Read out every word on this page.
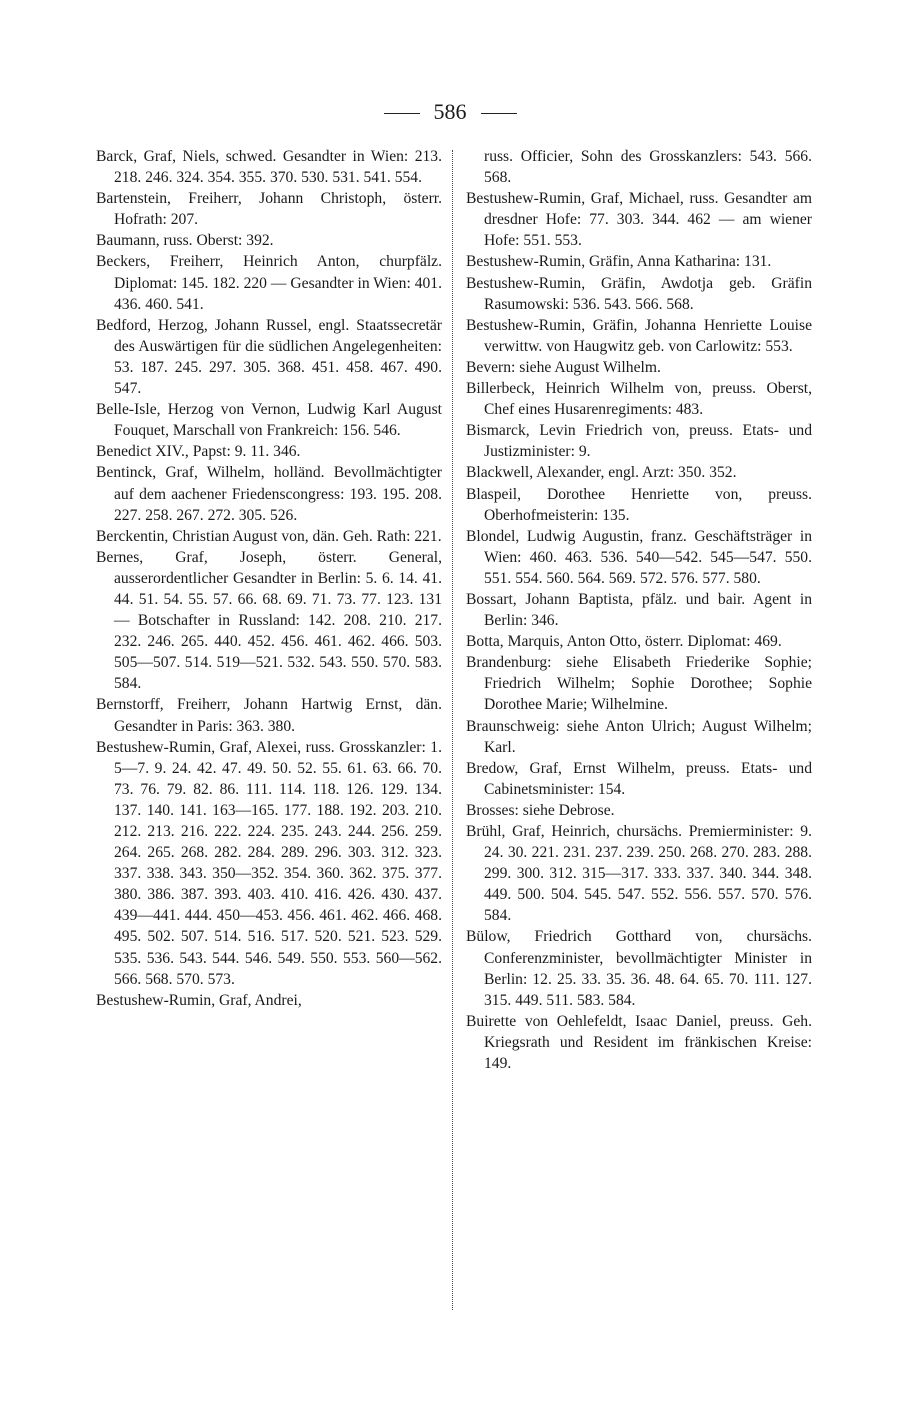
586

Barck, Graf, Niels, schwed. Gesandter in Wien: 213. 218. 246. 324. 354. 355. 370. 530. 531. 541. 554.

Bartenstein, Freiherr, Johann Christoph, österr. Hofrath: 207.

Baumann, russ. Oberst: 392.

Beckers, Freiherr, Heinrich Anton, churpfälz. Diplomat: 145. 182. 220 — Gesandter in Wien: 401. 436. 460. 541.

Bedford, Herzog, Johann Russel, engl. Staatssecretär des Auswärtigen für die südlichen Angelegenheiten: 53. 187. 245. 297. 305. 368. 451. 458. 467. 490. 547.

Belle-Isle, Herzog von Vernon, Ludwig Karl August Fouquet, Marschall von Frankreich: 156. 546.

Benedict XIV., Papst: 9. 11. 346.

Bentinck, Graf, Wilhelm, holländ. Bevollmächtigter auf dem aachener Friedenscongress: 193. 195. 208. 227. 258. 267. 272. 305. 526.

Berckentin, Christian August von, dän. Geh. Rath: 221.

Bernes, Graf, Joseph, österr. General, ausserordentlicher Gesandter in Berlin: 5. 6. 14. 41. 44. 51. 54. 55. 57. 66. 68. 69. 71. 73. 77. 123. 131 — Botschafter in Russland: 142. 208. 210. 217. 232. 246. 265. 440. 452. 456. 461. 462. 466. 503. 505—507. 514. 519—521. 532. 543. 550. 570. 583. 584.

Bernstorff, Freiherr, Johann Hartwig Ernst, dän. Gesandter in Paris: 363. 380.

Bestushew-Rumin, Graf, Alexei, russ. Grosskanzler: 1. 5—7. 9. 24. 42. 47. 49. 50. 52. 55. 61. 63. 66. 70. 73. 76. 79. 82. 86. 111. 114. 118. 126. 129. 134. 137. 140. 141. 163—165. 177. 188. 192. 203. 210. 212. 213. 216. 222. 224. 235. 243. 244. 256. 259. 264. 265. 268. 282. 284. 289. 296. 303. 312. 323. 337. 338. 343. 350—352. 354. 360. 362. 375. 377. 380. 386. 387. 393. 403. 410. 416. 426. 430. 437. 439—441. 444. 450—453. 456. 461. 462. 466. 468. 495. 502. 507. 514. 516. 517. 520. 521. 523. 529. 535. 536. 543. 544. 546. 549. 550. 553. 560—562. 566. 568. 570. 573.

Bestushew-Rumin, Graf, Andrei,

russ. Officier, Sohn des Grosskanzlers: 543. 566. 568.

Bestushew-Rumin, Graf, Michael, russ. Gesandter am dresdner Hofe: 77. 303. 344. 462 — am wiener Hofe: 551. 553.

Bestushew-Rumin, Gräfin, Anna Katharina: 131.

Bestushew-Rumin, Gräfin, Awdotja geb. Gräfin Rasumowski: 536. 543. 566. 568.

Bestushew-Rumin, Gräfin, Johanna Henriette Louise verwittw. von Haugwitz geb. von Carlowitz: 553.

Bevern: siehe August Wilhelm.

Billerbeck, Heinrich Wilhelm von, preuss. Oberst, Chef eines Husarenregiments: 483.

Bismarck, Levin Friedrich von, preuss. Etats- und Justizminister: 9.

Blackwell, Alexander, engl. Arzt: 350. 352.

Blaspeil, Dorothee Henriette von, preuss. Oberhofmeisterin: 135.

Blondel, Ludwig Augustin, franz. Geschäftsträger in Wien: 460. 463. 536. 540—542. 545—547. 550. 551. 554. 560. 564. 569. 572. 576. 577. 580.

Bossart, Johann Baptista, pfälz. und bair. Agent in Berlin: 346.

Botta, Marquis, Anton Otto, österr. Diplomat: 469.

Brandenburg: siehe Elisabeth Friederike Sophie; Friedrich Wilhelm; Sophie Dorothee; Sophie Dorothee Marie; Wilhelmine.

Braunschweig: siehe Anton Ulrich; August Wilhelm; Karl.

Bredow, Graf, Ernst Wilhelm, preuss. Etats- und Cabinetsminister: 154.

Brosses: siehe Debrose.

Brühl, Graf, Heinrich, chursächs. Premierminister: 9. 24. 30. 221. 231. 237. 239. 250. 268. 270. 283. 288. 299. 300. 312. 315—317. 333. 337. 340. 344. 348. 449. 500. 504. 545. 547. 552. 556. 557. 570. 576. 584.

Bülow, Friedrich Gotthard von, chursächs. Conferenzminister, bevollmächtigter Minister in Berlin: 12. 25. 33. 35. 36. 48. 64. 65. 70. 111. 127. 315. 449. 511. 583. 584.

Buirette von Oehlefeldt, Isaac Daniel, preuss. Geh. Kriegsrath und Resident im fränkischen Kreise: 149.
